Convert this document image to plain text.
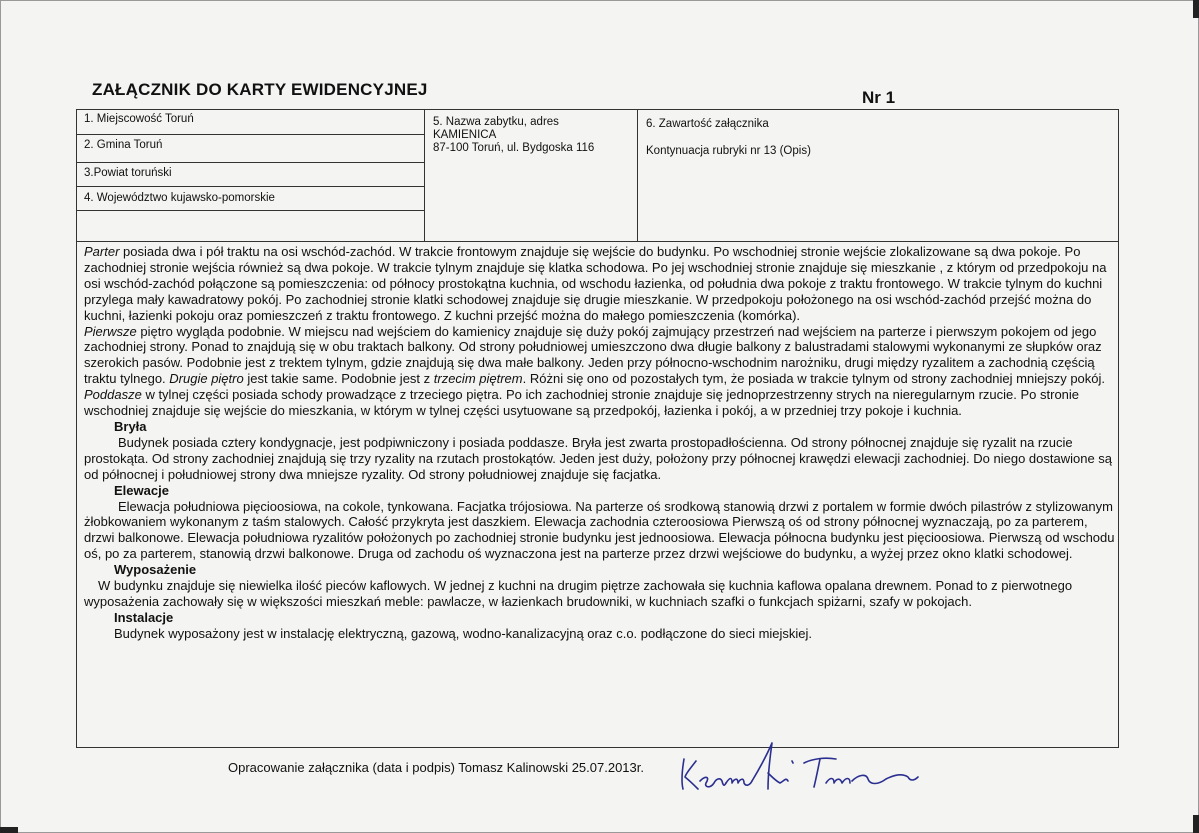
ZAŁĄCZNIK DO KARTY EWIDENCYJNEJ	Nr 1
1. Miejscowość Toruń
2. Gmina Toruń
3.Powiat toruński
4. Województwo kujawsko-pomorskie
5. Nazwa zabytku, adres
KAMIENICA
87-100 Toruń, ul. Bydgoska 116
6. Zawartość załącznika
Kontynuacja rubryki nr 13 (Opis)

Parter posiada dwa i pół traktu na osi wschód-zachód. W trakcie frontowym znajduje się wejście do budynku. Po wschodniej stronie wejście zlokalizowane są dwa pokoje. Po zachodniej stronie wejścia również są dwa pokoje. W trakcie tylnym znajduje się klatka schodowa. Po jej wschodniej stronie znajduje się mieszkanie , z którym od przedpokoju na osi wschód-zachód połączone są pomieszczenia: od północy prostokątna kuchnia, od wschodu łazienka, od południa dwa pokoje z traktu frontowego. W trakcie tylnym do kuchni przylega mały kawadratowy pokój. Po zachodniej stronie klatki schodowej znajduje się drugie mieszkanie. W przedpokoju położonego na osi wschód-zachód przejść można do kuchni, łazienki pokoju oraz pomieszczeń z traktu frontowego. Z kuchni przejść można do małego pomieszczenia (komórka).

Pierwsze piętro wygląda podobnie. W miejscu nad wejściem do kamienicy znajduje się duży pokój zajmujący przestrzeń nad wejściem na parterze i pierwszym pokojem od jego zachodniej strony. Ponad to znajdują się w obu traktach balkony. Od strony południowej umieszczono dwa długie balkony z balustradami stalowymi wykonanymi ze słupków oraz szerokich pasów. Podobnie jest z trektem tylnym, gdzie znajdują się dwa małe balkony. Jeden przy północno-wschodnim narożniku, drugi między ryzalitem a zachodnią częścią traktu tylnego. Drugie piętro jest takie same. Podobnie jest z trzecim piętrem. Różni się ono od pozostałych tym, że posiada w trakcie tylnym od strony zachodniej mniejszy pokój. Poddasze w tylnej części posiada schody prowadzące z trzeciego piętra. Po ich zachodniej stronie znajduje się jednoprzestrzenny strych na nieregularnym rzucie. Po stronie wschodniej znajduje się wejście do mieszkania, w którym w tylnej części usytuowane są przedpokój, łazienka i pokój, a w przedniej trzy pokoje i kuchnia.

Bryła

Budynek posiada cztery kondygnacje, jest podpiwniczony i posiada poddasze. Bryła jest zwarta prostopadłościenna. Od strony północnej znajduje się ryzalit na rzucie prostokąta. Od strony zachodniej znajdują się trzy ryzality na rzutach prostokątów. Jeden jest duży, położony przy północnej krawędzi elewacji zachodniej. Do niego dostawione są od północnej i południowej strony dwa mniejsze ryzality. Od strony południowej znajduje się facjatka.

Elewacje

Elewacja południowa pięcioosiowa, na cokole, tynkowana. Facjatka trójosiowa. Na parterze oś srodkową stanowią drzwi z portalem w formie dwóch pilastrów z stylizowanym żłobkowaniem wykonanym z taśm stalowych. Całość przykryta jest daszkiem. Elewacja zachodnia czteroosiowa Pierwszą oś od strony północnej wyznaczają, po za parterem, drzwi balkonowe. Elewacja południowa ryzalitów położonych po zachodniej stronie budynku jest jednoosiowa. Elewacja północna budynku jest pięcioosiowa. Pierwszą od wschodu oś, po za parterem, stanowią drzwi balkonowe. Druga od zachodu oś wyznaczona jest na parterze przez drzwi wejściowe do budynku, a wyżej przez okno klatki schodowej.

Wyposażenie

W budynku znajduje się niewielka ilość pieców kaflowych. W jednej z kuchni na drugim piętrze zachowała się kuchnia kaflowa opalana drewnem. Ponad to z pierwotnego wyposażenia zachowały się w większości mieszkań meble: pawlacze, w łazienkach brudowniki, w kuchniach szafki o funkcjach spiżarni, szafy w pokojach.

Instalacje

Budynek wyposażony jest w instalację elektryczną, gazową, wodno-kanalizacyjną oraz c.o. podłączone do sieci miejskiej.

Opracowanie załącznika (data i podpis) Tomasz Kalinowski 25.07.2013r.
